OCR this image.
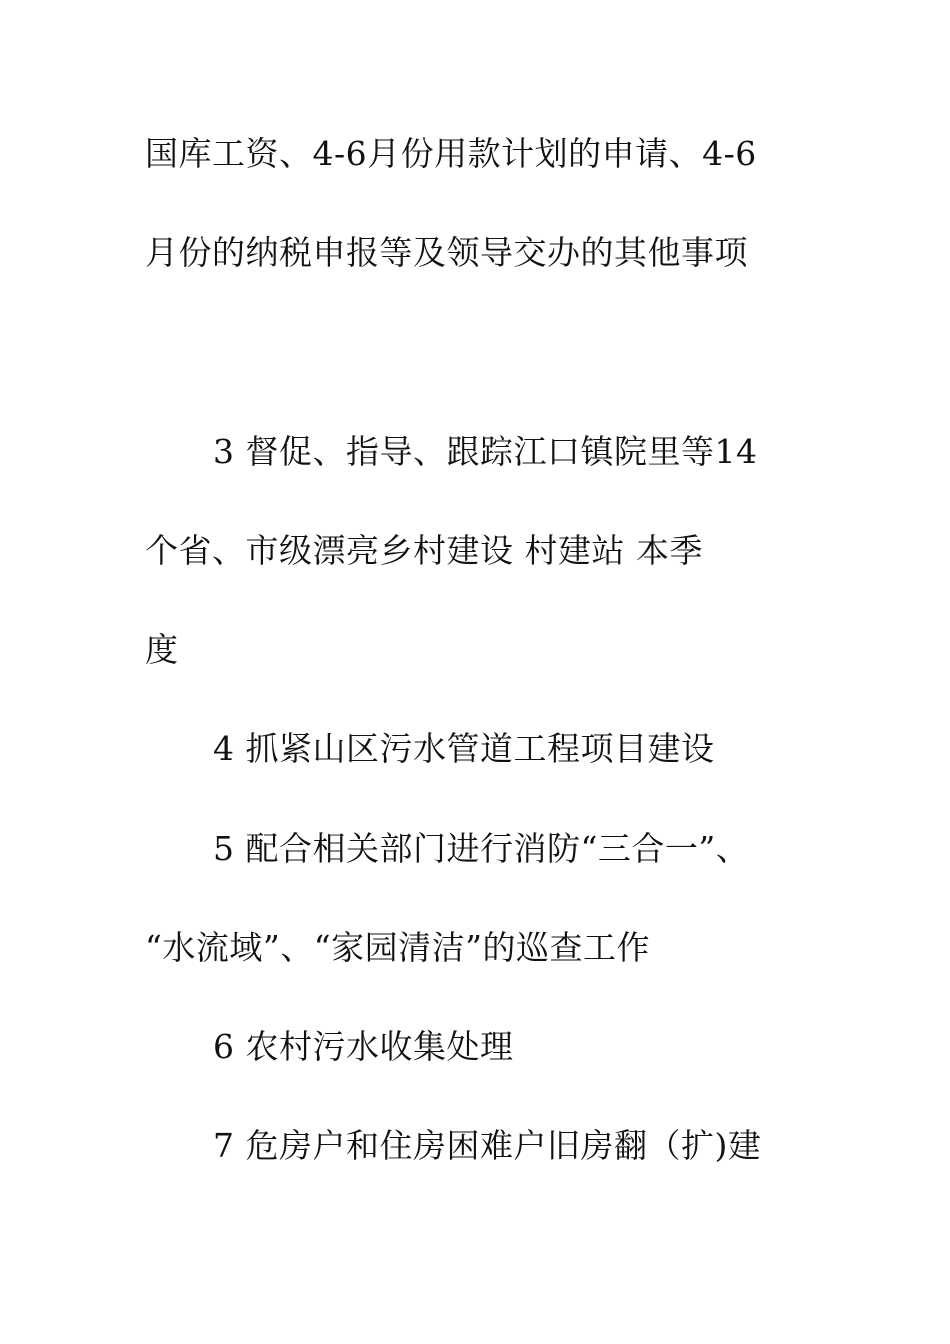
国库工资、4-6月份用款计划的申请、4-6
月份的纳税申报等及领导交办的其他事项
3 督促、指导、跟踪江口镇院里等14
个省、市级漂亮乡村建设 村建站 本季
度
4 抓紧山区污水管道工程项目建设
5 配合相关部门进行消防“三合一”、
“水流域”、“家园清洁”的巡查工作
6 农村污水收集处理
7 危房户和住房困难户旧房翻（扩)建
